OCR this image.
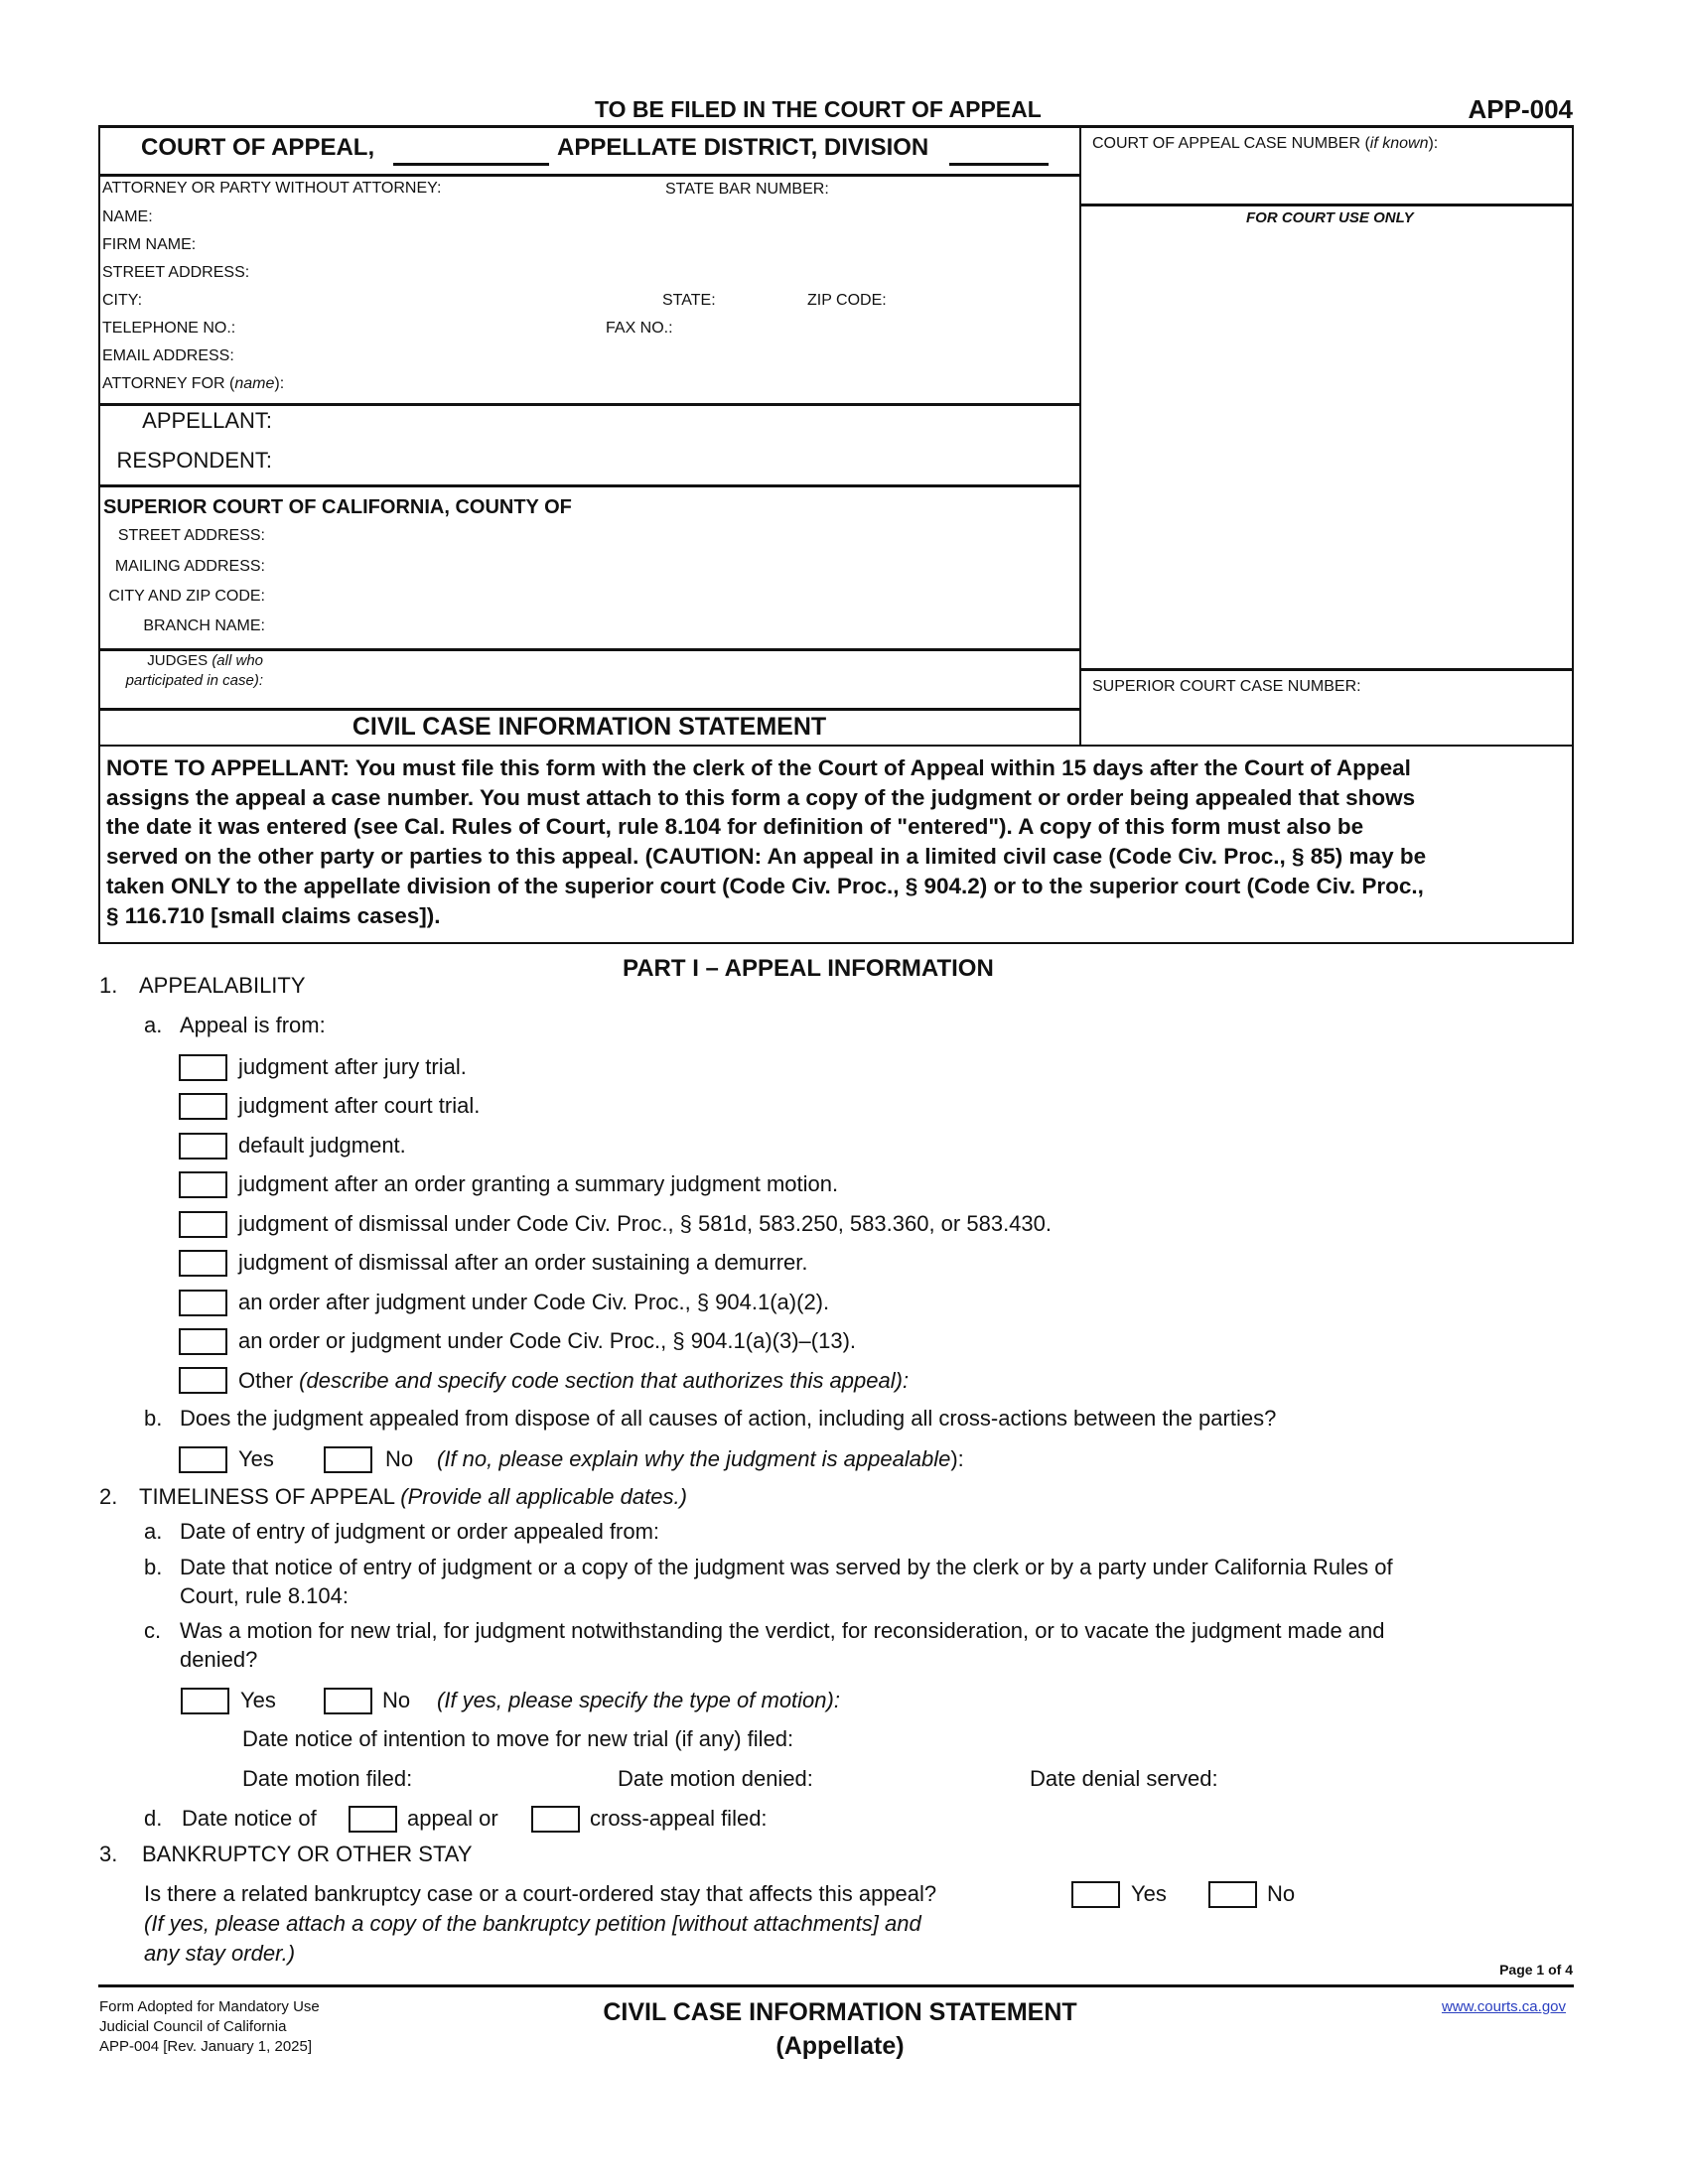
TO BE FILED IN THE COURT OF APPEAL	APP-004
COURT OF APPEAL,	APPELLATE DISTRICT, DIVISION	COURT OF APPEAL CASE NUMBER (if known):
FOR COURT USE ONLY
SUPERIOR COURT CASE NUMBER:
ATTORNEY OR PARTY WITHOUT ATTORNEY:	STATE BAR NUMBER:
NAME:
FIRM NAME:
STREET ADDRESS:
CITY:	STATE:	ZIP CODE:
TELEPHONE NO.:	FAX NO.:
EMAIL ADDRESS:
ATTORNEY FOR (name):
APPELLANT:
RESPONDENT:
SUPERIOR COURT OF CALIFORNIA, COUNTY OF
STREET ADDRESS:
MAILING ADDRESS:
CITY AND ZIP CODE:
BRANCH NAME:
JUDGES (all who
participated in case):
CIVIL CASE INFORMATION STATEMENT
NOTE TO APPELLANT: You must file this form with the clerk of the Court of Appeal within 15 days after the Court of Appeal
assigns the appeal a case number. You must attach to this form a copy of the judgment or order being appealed that shows
the date it was entered (see Cal. Rules of Court, rule 8.104 for definition of "entered"). A copy of this form must also be
served on the other party or parties to this appeal. (CAUTION: An appeal in a limited civil case (Code Civ. Proc., § 85) may be
taken ONLY to the appellate division of the superior court (Code Civ. Proc., § 904.2) or to the superior court (Code Civ. Proc.,
§ 116.710 [small claims cases]).
PART I – APPEAL INFORMATION
1. APPEALABILITY
a. Appeal is from:
judgment after jury trial.
judgment after court trial.
default judgment.
judgment after an order granting a summary judgment motion.
judgment of dismissal under Code Civ. Proc., § 581d, 583.250, 583.360, or 583.430.
judgment of dismissal after an order sustaining a demurrer.
an order after judgment under Code Civ. Proc., § 904.1(a)(2).
an order or judgment under Code Civ. Proc., § 904.1(a)(3)–(13).
Other (describe and specify code section that authorizes this appeal):
b. Does the judgment appealed from dispose of all causes of action, including all cross-actions between the parties?
Yes	No (If no, please explain why the judgment is appealable):
2. TIMELINESS OF APPEAL (Provide all applicable dates.)
a. Date of entry of judgment or order appealed from:
b. Date that notice of entry of judgment or a copy of the judgment was served by the clerk or by a party under California Rules of
Court, rule 8.104:
c. Was a motion for new trial, for judgment notwithstanding the verdict, for reconsideration, or to vacate the judgment made and
denied?
Yes	No (If yes, please specify the type of motion):
Date notice of intention to move for new trial (if any) filed:
Date motion filed:	Date motion denied:	Date denial served:
d. Date notice of	appeal or	cross-appeal filed:
3. BANKRUPTCY OR OTHER STAY
Is there a related bankruptcy case or a court-ordered stay that affects this appeal?	Yes	No
(If yes, please attach a copy of the bankruptcy petition [without attachments] and
any stay order.)
Page 1 of 4
Form Adopted for Mandatory Use
Judicial Council of California
APP-004 [Rev. January 1, 2025]
CIVIL CASE INFORMATION STATEMENT
(Appellate)
www.courts.ca.gov
